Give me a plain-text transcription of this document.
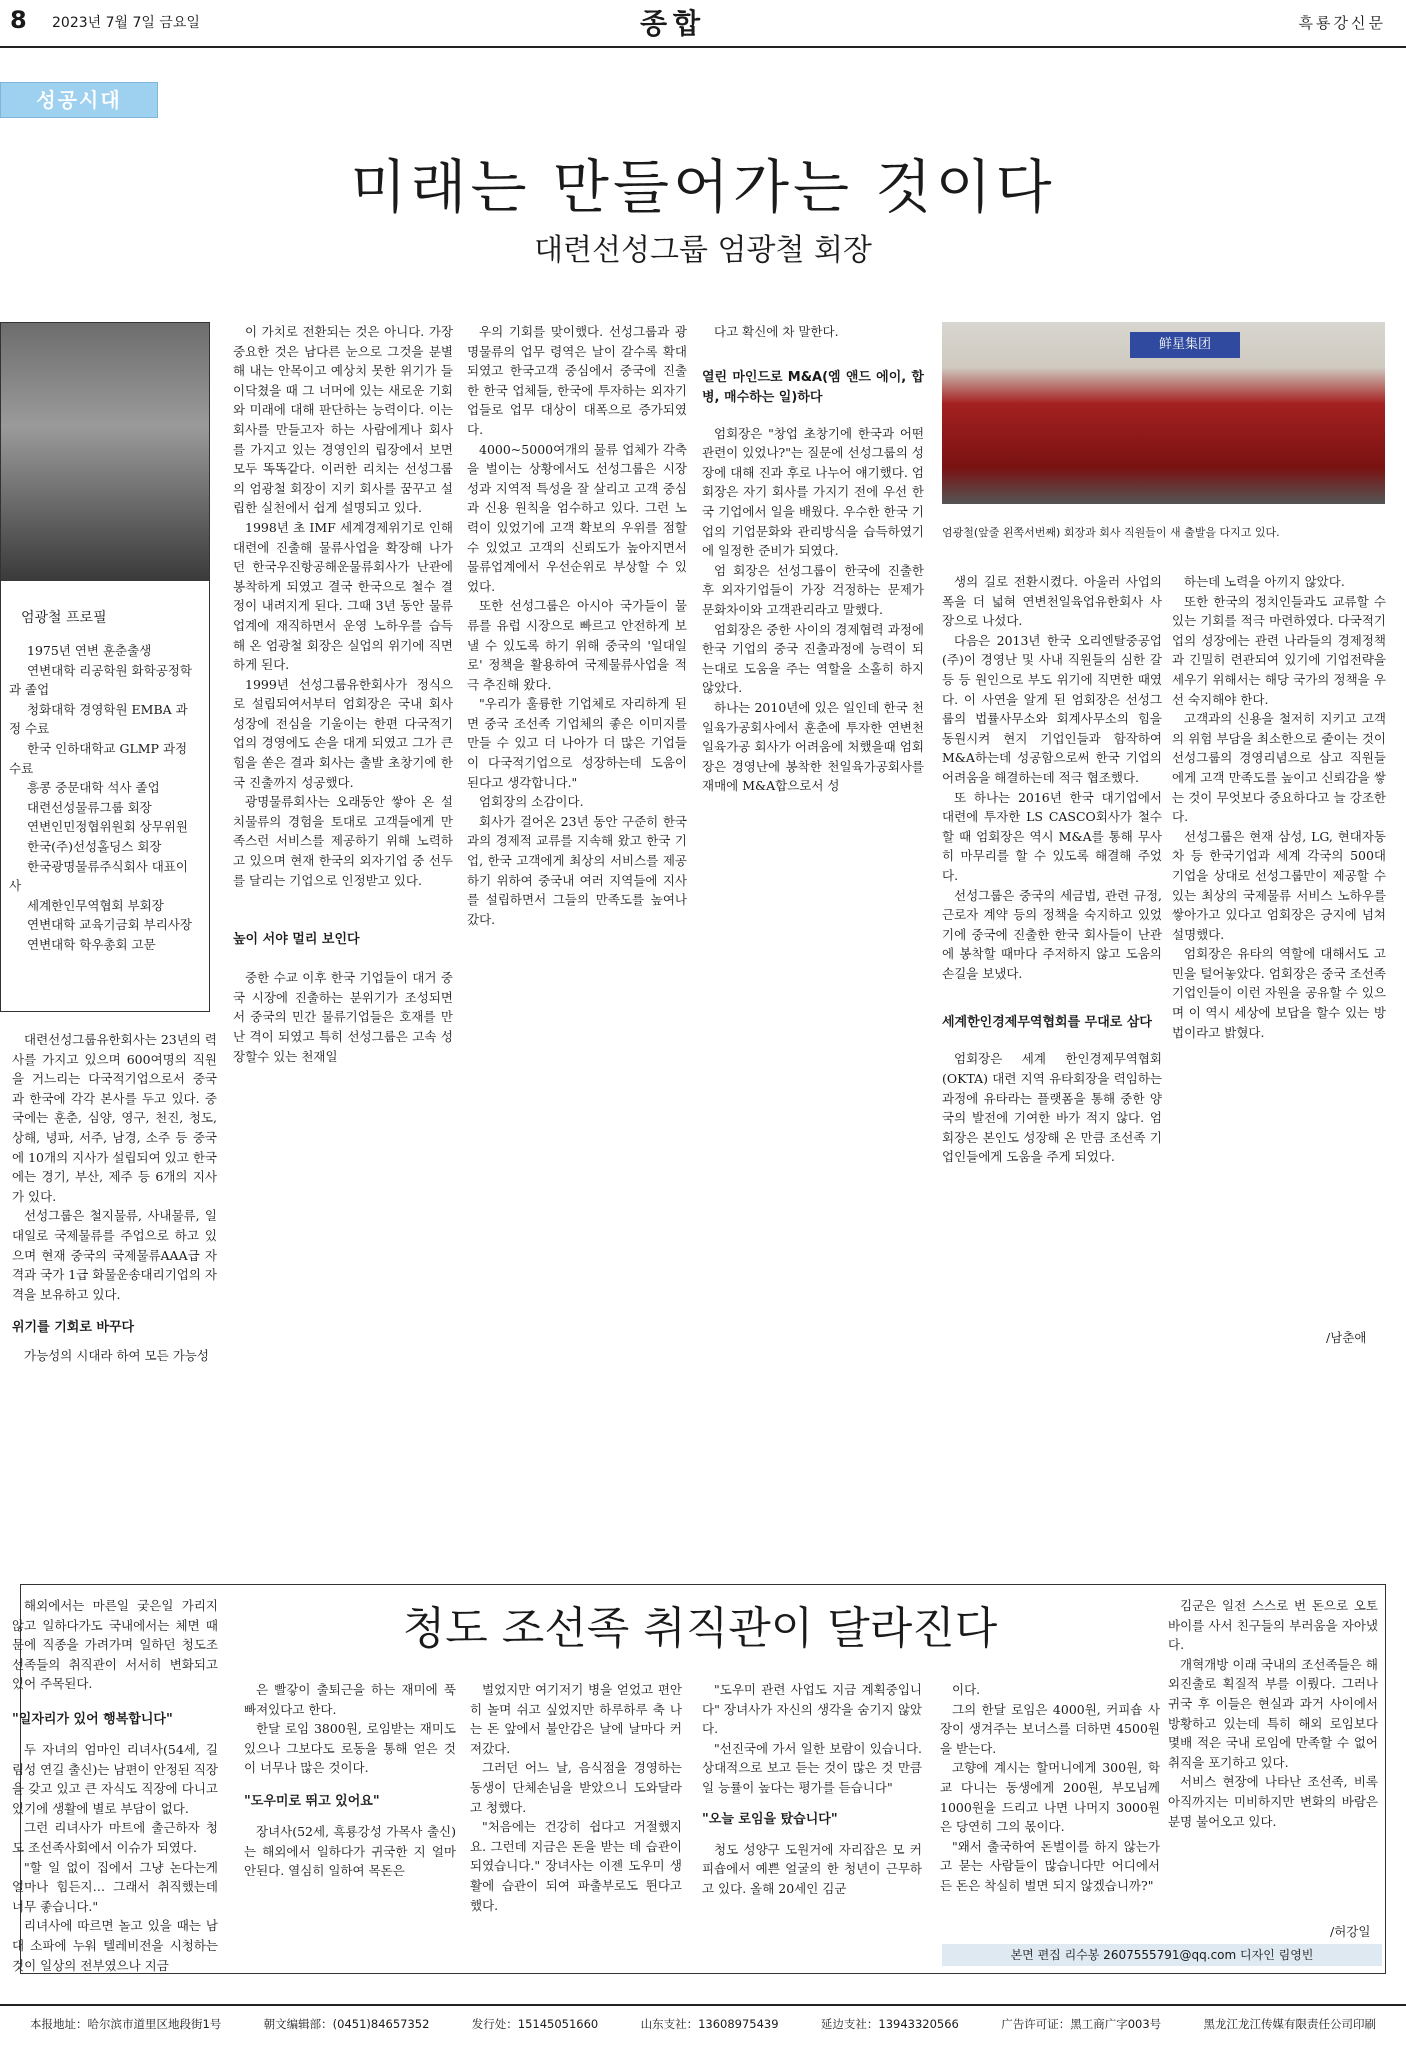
8 2023년 7월 7일 금요일	종합	흑룡강신문
성공시대
미래는 만들어가는 것이다
대련선성그룹 엄광철 회장
엄광철 프로필
1975년 연변 훈춘출생
연변대학 리공학원 화학공정학과 졸업
청화대학 경영학원 EMBA 과정 수료
한국 인하대학교 GLMP 과정 수료
흥콩 중문대학 석사 졸업
대련선성물류그룹 회장
연변인민정협위원회 상무위원
한국(주)선성홀딩스 회장
한국광명물류주식회사 대표이사
세계한인무역협회 부회장
연변대학 교육기금회 부리사장
연변대학 학우총회 고문

대련선성그룹유한회사는 23년의 력사를 가지고 있으며 600여명의 직원을 거느리는 다국적기업으로서 중국과 한국에 각각 본사를 두고 있다. 중국에는 훈춘, 심양, 영구, 천진, 청도, 상해, 녕파, 서주, 남경, 소주 등 중국에 10개의 지사가 설립되여 있고 한국에는 경기, 부산, 제주 등 6개의 지사가 있다.

선성그룹은 철지물류, 사내물류, 일대일로 국제물류를 주업으로 하고 있으며 현재 중국의 국제물류AAA급 자격과 국가 1급 화물운송대리기업의 자격을 보유하고 있다.

위기를 기회로 바꾸다

가능성의 시대라 하여 모든 가능성

이 가치로 전환되는 것은 아니다. 가장 중요한 것은 남다른 눈으로 그것을 분별해 내는 안목이고 예상치 못한 위기가 들이닥쳤을 때 그 너머에 있는 새로운 기회와 미래에 대해 판단하는 능력이다. 이는 회사를 만들고자 하는 사람에게나 회사를 가지고 있는 경영인의 립장에서 보면 모두 똑똑같다. 이러한 리치는 선성그룹의 엄광철 회장이 지키 회사를 꿈꾸고 설립한 실천에서 쉽게 설명되고 있다.

1998년 초 IMF 세계경제위기로 인해 대련에 진출해 물류사업을 확장해 나가던 한국우진항공해운물류회사가 난관에 봉착하게 되였고 결국 한국으로 철수 결정이 내려지게 된다. 그때 3년 동안 물류 업계에 재직하면서 운영 노하우를 습득해 온 엄광철 회장은 실업의 위기에 직면하게 된다.

1999년 선성그룹유한회사가 정식으로 설립되여서부터 엄회장은 국내 회사 성장에 전심을 기울이는 한편 다국적기업의 경영에도 손을 대게 되였고 그가 큰 힘을 쏟은 결과 회사는 출발 초창기에 한국 진출까지 성공했다.

광명물류회사는 오래동안 쌓아 온 설치물류의 경험을 토대로 고객들에게 만족스런 서비스를 제공하기 위해 노력하고 있으며 현재 한국의 외자기업 중 선두를 달리는 기업으로 인정받고 있다.

높이 서야 멀리 보인다

중한 수교 이후 한국 기업들이 대거 중국 시장에 진출하는 분위기가 조성되면서 중국의 민간 물류기업들은 호재를 만난 격이 되였고 특히 선성그룹은 고속 성장할수 있는 천재일

우의 기회를 맞이했다. 선성그룹과 광명물류의 업무 령역은 날이 갈수록 확대되였고 한국고객 중심에서 중국에 진출한 한국 업체들, 한국에 투자하는 외자기업들로 업무 대상이 대폭으로 증가되였다.

4000~5000여개의 물류 업체가 각축을 벌이는 상황에서도 선성그룹은 시장성과 지역적 특성을 잘 살리고 고객 중심과 신용 원칙을 엄수하고 있다. 그런 노력이 있었기에 고객 확보의 우위를 점할 수 있었고 고객의 신뢰도가 높아지면서 물류업계에서 우선순위로 부상할 수 있었다.

또한 선성그룹은 아시아 국가들이 물류를 유럽 시장으로 빠르고 안전하게 보낼 수 있도록 하기 위해 중국의 '일대일로' 정책을 활용하여 국제물류사업을 적극 추진해 왔다.

"우리가 훌륭한 기업체로 자리하게 된면 중국 조선족 기업체의 좋은 이미지를 만들 수 있고 더 나아가 더 많은 기업들이 다국적기업으로 성장하는데 도움이 된다고 생각합니다."

엄회장의 소감이다.

회사가 걸어온 23년 동안 구준히 한국과의 경제적 교류를 지속해 왔고 한국 기업, 한국 고객에게 최상의 서비스를 제공하기 위하여 중국내 여러 지역들에 지사를 설립하면서 그들의 만족도를 높여나갔다.

다고 확신에 차 말한다.

열린 마인드로 M&A(엠 앤드 에이, 합병, 매수하는 일)하다

엄회장은 "창업 초창기에 한국과 어떤 관련이 있었나?"는 질문에 선성그룹의 성장에 대해 진과 후로 나누어 얘기했다. 엄회장은 자기 회사를 가지기 전에 우선 한국 기업에서 일을 배웠다. 우수한 한국 기업의 기업문화와 관리방식을 습득하였기에 일정한 준비가 되였다.

엄 회장은 선성그룹이 한국에 진출한 후 외자기업들이 가장 걱정하는 문제가 문화차이와 고객관리라고 말했다.

엄회장은 중한 사이의 경제협력 과정에 한국 기업의 중국 진출과정에 능력이 되는대로 도움을 주는 역할을 소홀히 하지 않았다.

하나는 2010년에 있은 일인데 한국 천일육가공회사에서 훈춘에 투자한 연변천일육가공 회사가 어려움에 처했을때 엄회장은 경영난에 봉착한 천일육가공회사를 재매에 M&A합으로서 성

鲜星集团
엄광철(앞줄 왼쪽서번째) 회장과 회사 직원들이 새 출발을 다지고 있다.

생의 길로 전환시켰다. 아울러 사업의 폭을 더 넓혀 연변천일육업유한회사 사장으로 나섰다.

다음은 2013년 한국 오리엔탈중공업(주)이 경영난 및 사내 직원들의 심한 갈등 등 원인으로 부도 위기에 직면한 때였다. 이 사연을 알게 된 엄회장은 선성그룹의 법률사무소와 회계사무소의 힘을 동원시켜 현지 기업인들과 함작하여 M&A하는데 성공함으로써 한국 기업의 어려움을 해결하는데 적극 협조했다.

또 하나는 2016년 한국 대기업에서 대련에 투자한 LS CASCO회사가 철수할 때 엄회장은 역시 M&A를 통해 무사히 마무리를 할 수 있도록 해결해 주었다.

선성그룹은 중국의 세금법, 관련 규정, 근로자 계약 등의 정책을 숙지하고 있었기에 중국에 진출한 한국 회사들이 난관에 봉착할 때마다 주저하지 않고 도움의 손길을 보냈다.

세계한인경제무역협회를 무대로 삼다

엄회장은 세계 한인경제무역협회(OKTA) 대련 지역 유타회장을 력임하는 과정에 유타라는 플랫폼을 통해 중한 양국의 발전에 기여한 바가 적지 않다. 엄회장은 본인도 성장해 온 만큼 조선족 기업인들에게 도움을 주게 되었다.

하는데 노력을 아끼지 않았다.

또한 한국의 정치인들과도 교류할 수 있는 기회를 적극 마련하였다. 다국적기업의 성장에는 관련 나라들의 경제정책과 긴밀히 련관되여 있기에 기업전략을 세우기 위해서는 해당 국가의 정책을 우선 숙지해야 한다.

고객과의 신용을 철저히 지키고 고객의 위험 부담을 최소한으로 줄이는 것이 선성그룹의 경영리념으로 삼고 직원들에게 고객 만족도를 높이고 신뢰감을 쌓는 것이 무엇보다 중요하다고 늘 강조한다.

선성그룹은 현재 삼성, LG, 현대자동차 등 한국기업과 세계 각국의 500대 기업을 상대로 선성그룹만이 제공할 수 있는 최상의 국제물류 서비스 노하우를 쌓아가고 있다고 엄회장은 긍지에 넘쳐 설명했다.

엄회장은 유타의 역할에 대해서도 고민을 털어놓았다. 엄회장은 중국 조선족 기업인들이 이런 자원을 공유할 수 있으며 이 역시 세상에 보답을 할수 있는 방법이라고 밝혔다.

/남춘애
청도 조선족 취직관이 달라진다

해외에서는 마른일 궂은일 가리지 않고 일하다가도 국내에서는 체면 때문에 직종을 가려가며 일하던 청도조선족들의 취직관이 서서히 변화되고 있어 주목된다.

"일자리가 있어 행복합니다"

두 자녀의 엄마인 리녀사(54세, 길림성 연길 출신)는 남편이 안정된 직장을 갖고 있고 큰 자식도 직장에 다니고 있기에 생활에 별로 부담이 없다.

그런 리녀사가 마트에 출근하자 청도 조선족사회에서 이슈가 되였다.

"할 일 없이 집에서 그냥 논다는게 얼마나 힘든지… 그래서 취직했는데 너무 좋습니다."

리녀사에 따르면 놀고 있을 때는 남대 소파에 누워 텔레비전을 시청하는 것이 일상의 전부였으나 지금

은 빨갛이 출퇴근을 하는 재미에 푹 빠져있다고 한다.

한달 로임 3800원, 로임받는 재미도 있으나 그보다도 로동을 통해 얻은 것이 너무나 많은 것이다.

"도우미로 뛰고 있어요"

장녀사(52세, 흑룡강성 가목사 출신)는 해외에서 일하다가 귀국한 지 얼마 안된다. 열심히 일하여 목돈은

벌었지만 여기저기 병을 얻었고 편안히 놀며 쉬고 싶었지만 하루하루 축 나는 돈 앞에서 불안감은 날에 날마다 커져갔다.

그러던 어느 날, 음식점을 경영하는 동생이 단체손님을 받았으니 도와달라고 청했다.

"처음에는 건강히 쉽다고 거절했지요. 그런데 지금은 돈을 받는 데 습관이 되였습니다." 장녀사는 이젠 도우미 생활에 습관이 되여 파출부로도 뛴다고 했다.

"도우미 관련 사업도 지금 계획중입니다" 장녀사가 자신의 생각을 숨기지 않았다.

"선진국에 가서 일한 보람이 있습니다. 상대적으로 보고 듣는 것이 많은 것 만큼 일 능률이 높다는 평가를 듣습니다"

"오늘 로임을 탔습니다"

청도 성양구 도원거에 자리잡은 모 커피숍에서 예쁜 얼굴의 한 청년이 근무하고 있다. 올해 20세인 김군

이다.

그의 한달 로임은 4000원, 커피숍 사장이 생겨주는 보너스를 더하면 4500원을 받는다.

고향에 계시는 할머니에게 300원, 학교 다니는 동생에게 200원, 부모님께 1000원을 드리고 나면 나머지 3000원은 당연히 그의 몫이다.

"왜서 출국하여 돈벌이를 하지 않는가고 묻는 사람들이 많습니다만 어디에서든 돈은 착실히 벌면 되지 않겠습니까?"

김군은 일전 스스로 번 돈으로 오토바이를 사서 친구들의 부러움을 자아냈다.

개혁개방 이래 국내의 조선족들은 해외진출로 획질적 부를 이뤘다. 그러나 귀국 후 이들은 현실과 과거 사이에서 방황하고 있는데 특히 해외 로임보다 몇배 적은 국내 로임에 만족할 수 없어 취직을 포기하고 있다.

서비스 현장에 나타난 조선족, 비록 아직까지는 미비하지만 변화의 바람은 분명 불어오고 있다.

/허강일
본면 편집 리수봉 2607555791@qq.com 디자인 림영빈
本报地址：哈尔滨市道里区地段街1号	朝文编辑部：(0451)84657352	发行处：15145051660	山东支社：13608975439	延边支社：13943320566	广告许可证：黑工商广字003号	黑龙江龙江传媒有限责任公司印刷
